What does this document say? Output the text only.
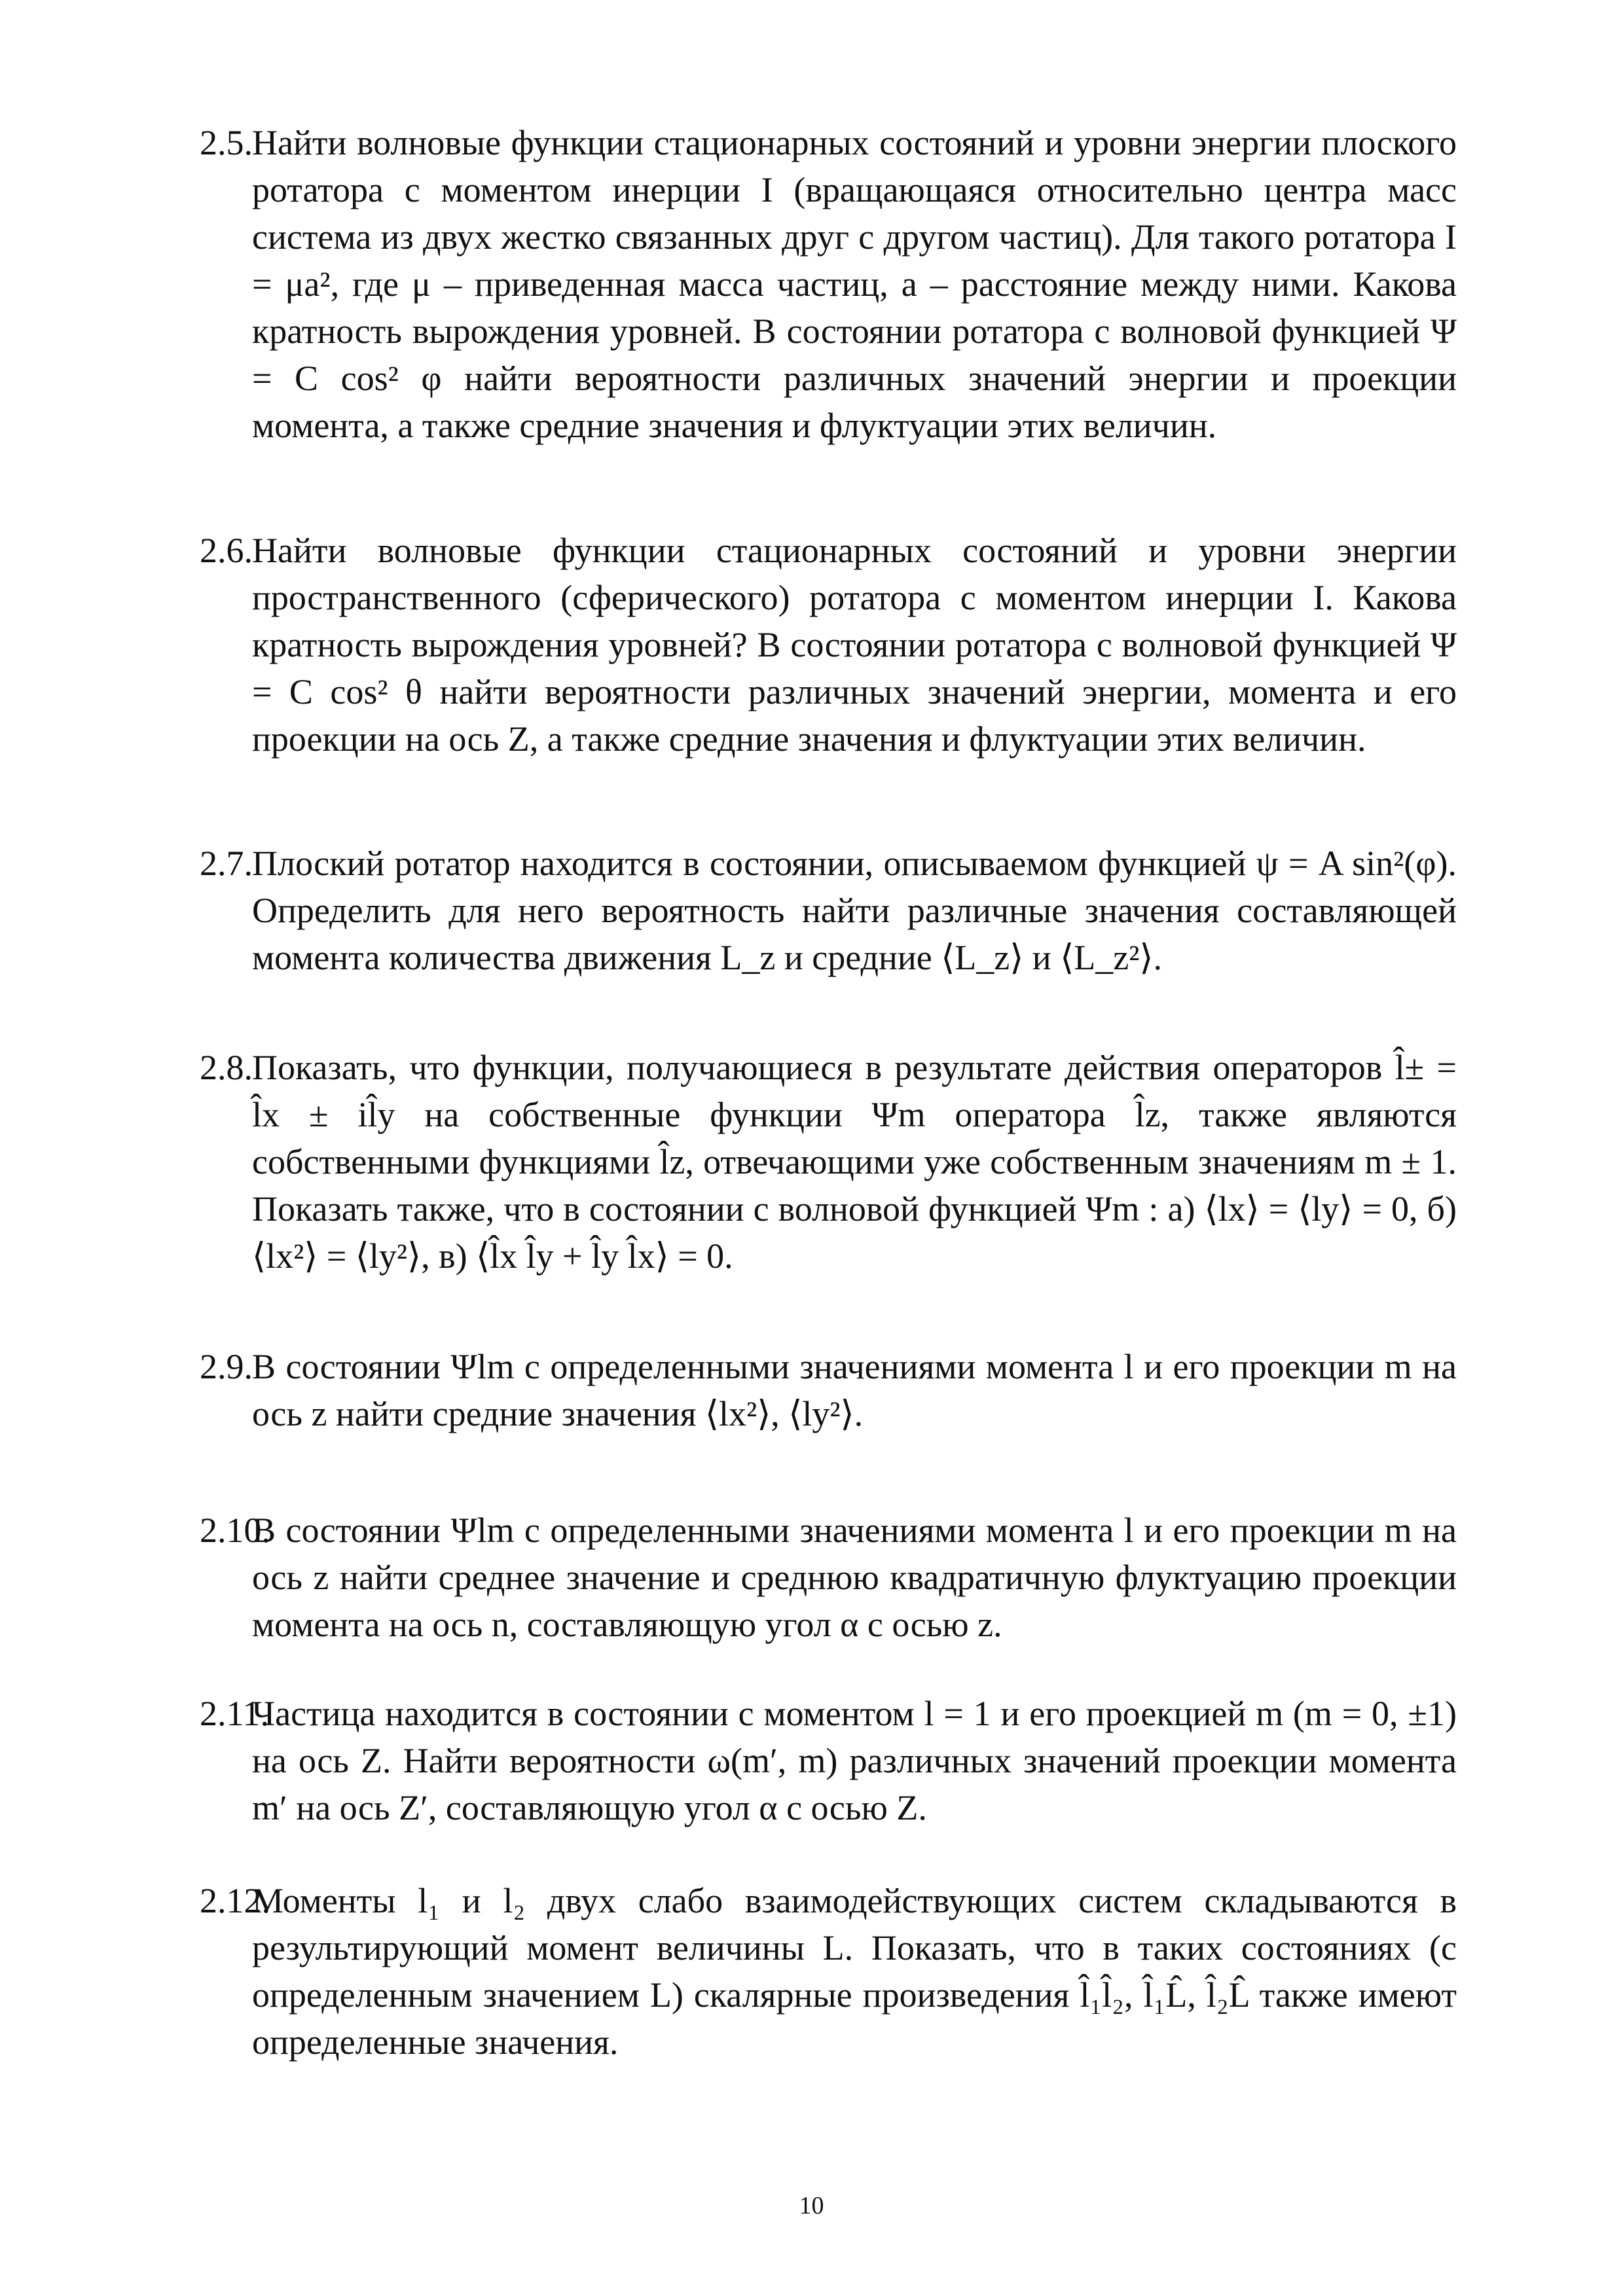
2.5. Найти волновые функции стационарных состояний и уровни энергии плоского ротатора с моментом инерции I (вращающаяся относительно центра масс система из двух жестко связанных друг с другом частиц). Для такого ротатора I = μa², где μ – приведенная масса частиц, a – расстояние между ними. Какова кратность вырождения уровней. В состоянии ротатора с волновой функцией Ψ = C cos² φ найти вероятности различных значений энергии и проекции момента, а также средние значения и флуктуации этих величин.
2.6. Найти волновые функции стационарных состояний и уровни энергии пространственного (сферического) ротатора с моментом инерции I. Какова кратность вырождения уровней? В состоянии ротатора с волновой функцией Ψ = C cos² θ найти вероятности различных значений энергии, момента и его проекции на ось Z, а также средние значения и флуктуации этих величин.
2.7. Плоский ротатор находится в состоянии, описываемом функцией ψ = A sin²(φ). Определить для него вероятность найти различные значения составляющей момента количества движения L_z и средние ⟨L_z⟩ и ⟨L_z²⟩.
2.8. Показать, что функции, получающиеся в результате действия операторов l̂± = l̂x ± il̂y на собственные функции Ψm оператора l̂z, также являются собственными функциями l̂z, отвечающими уже собственным значениям m ± 1. Показать также, что в состоянии с волновой функцией Ψm : а) ⟨lx⟩ = ⟨ly⟩ = 0, б) ⟨lx²⟩ = ⟨ly²⟩, в) ⟨l̂x l̂y + l̂y l̂x⟩ = 0.
2.9. В состоянии Ψlm с определенными значениями момента l и его проекции m на ось z найти средние значения ⟨lx²⟩, ⟨ly²⟩.
2.10.
В состоянии Ψlm с определенными значениями момента l и его проекции m на ось z найти среднее значение и среднюю квадратичную флуктуацию проекции момента на ось n, составляющую угол α с осью z.
2.11.
Частица находится в состоянии с моментом l = 1 и его проекцией m (m = 0, ±1) на ось Z. Найти вероятности ω(m′, m) различных значений проекции момента m′ на ось Z′, составляющую угол α с осью Z.
2.12.
Моменты l₁ и l₂ двух слабо взаимодействующих систем складываются в результирующий момент величины L. Показать, что в таких состояниях (с определенным значением L) скалярные произведения l̂₁l̂₂, l̂₁L̂, l̂₂L̂ также имеют определенные значения.
10
